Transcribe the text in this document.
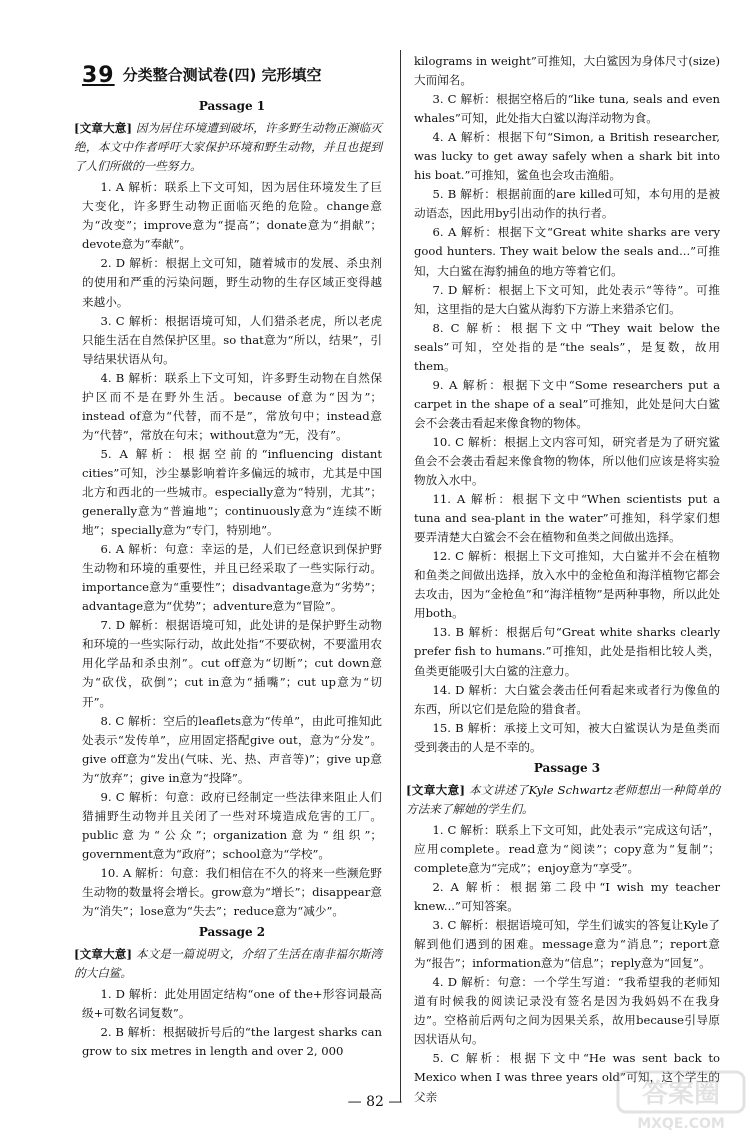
39 分类整合测试卷(四) 完形填空
Passage 1

[文章大意] 因为居住环境遭到破坏，许多野生动物正濒临灭绝，本文中作者呼吁大家保护环境和野生动物，并且也提到了人们所做的一些努力。

1. A 解析：联系上下文可知，因为居住环境发生了巨大变化，许多野生动物正面临灭绝的危险。change意为“改变”；improve意为“提高”；donate意为“捐献”；devote意为“奉献”。

2. D 解析：根据上文可知，随着城市的发展、杀虫剂的使用和严重的污染问题，野生动物的生存区域正变得越来越小。

3. C 解析：根据语境可知，人们猎杀老虎，所以老虎只能生活在自然保护区里。so that意为“所以，结果”，引导结果状语从句。

4. B 解析：联系上下文可知，许多野生动物在自然保护区而不是在野外生活。because of意为“因为”；instead of意为“代替，而不是”，常放句中；instead意为“代替”，常放在句末；without意为“无，没有”。

5. A 解析：根据空前的“influencing distant cities”可知，沙尘暴影响着许多偏远的城市，尤其是中国北方和西北的一些城市。especially意为“特别，尤其”；generally意为“普遍地”；continuously意为“连续不断地”；specially意为“专门，特别地”。

6. A 解析：句意：幸运的是，人们已经意识到保护野生动物和环境的重要性，并且已经采取了一些实际行动。importance意为“重要性”；disadvantage意为“劣势”；advantage意为“优势”；adventure意为“冒险”。

7. D 解析：根据语境可知，此处讲的是保护野生动物和环境的一些实际行动，故此处指“不要砍树，不要滥用农用化学品和杀虫剂”。cut off意为“切断”；cut down意为“砍伐，砍倒”；cut in意为“插嘴”；cut up意为“切开”。

8. C 解析：空后的leaflets意为“传单”，由此可推知此处表示“发传单”，应用固定搭配give out，意为“分发”。give off意为“发出(气味、光、热、声音等)”；give up意为“放弃”；give in意为“投降”。

9. C 解析：句意：政府已经制定一些法律来阻止人们猎捕野生动物并且关闭了一些对环境造成危害的工厂。public意为“公众”；organization意为“组织”；government意为“政府”；school意为“学校”。

10. A 解析：句意：我们相信在不久的将来一些濒危野生动物的数量将会增长。grow意为“增长”；disappear意为“消失”；lose意为“失去”；reduce意为“减少”。

Passage 2

[文章大意] 本文是一篇说明文，介绍了生活在南非福尔斯湾的大白鲨。

1. D 解析：此处用固定结构“one of the+形容词最高级+可数名词复数”。

2. B 解析：根据破折号后的“the largest sharks can grow to six metres in length and over 2, 000

kilograms in weight”可推知，大白鲨因为身体尺寸(size)大而闻名。

3. C 解析：根据空格后的“like tuna, seals and even whales”可知，此处指大白鲨以海洋动物为食。

4. A 解析：根据下句“Simon, a British researcher, was lucky to get away safely when a shark bit into his boat.”可推知，鲨鱼也会攻击渔船。

5. B 解析：根据前面的are killed可知，本句用的是被动语态，因此用by引出动作的执行者。

6. A 解析：根据下文“Great white sharks are very good hunters. They wait below the seals and...”可推知，大白鲨在海豹捕鱼的地方等着它们。

7. D 解析：根据上下文可知，此处表示“等待”。可推知，这里指的是大白鲨从海豹下方游上来猎杀它们。

8. C 解析：根据下文中“They wait below the seals”可知，空处指的是“the seals”，是复数，故用them。

9. A 解析：根据下文中“Some researchers put a carpet in the shape of a seal”可推知，此处是问大白鲨会不会袭击看起来像食物的物体。

10. C 解析：根据上文内容可知，研究者是为了研究鲨鱼会不会袭击看起来像食物的物体，所以他们应该是将实验物放入水中。

11. A 解析：根据下文中“When scientists put a tuna and sea-plant in the water”可推知，科学家们想要弄清楚大白鲨会不会在植物和鱼类之间做出选择。

12. C 解析：根据上下文可推知，大白鲨并不会在植物和鱼类之间做出选择，放入水中的金枪鱼和海洋植物它都会去攻击，因为“金枪鱼”和“海洋植物”是两种事物，所以此处用both。

13. B 解析：根据后句“Great white sharks clearly prefer fish to humans.”可推知，此处是指相比较人类，鱼类更能吸引大白鲨的注意力。

14. D 解析：大白鲨会袭击任何看起来或者行为像鱼的东西，所以它们是危险的猎食者。

15. B 解析：承接上文可知，被大白鲨误认为是鱼类而受到袭击的人是不幸的。

Passage 3

[文章大意] 本文讲述了Kyle Schwartz老师想出一种简单的方法来了解她的学生们。

1. C 解析：联系上下文可知，此处表示“完成这句话”，应用complete。read意为“阅读”；copy意为“复制”；complete意为“完成”；enjoy意为“享受”。

2. A 解析：根据第二段中“I wish my teacher knew...”可知答案。

3. C 解析：根据语境可知，学生们诚实的答复让Kyle了解到他们遇到的困难。message意为“消息”；report意为“报告”；information意为“信息”；reply意为“回复”。

4. D 解析：句意：一个学生写道：“我希望我的老师知道有时候我的阅读记录没有签名是因为我妈妈不在我身边”。空格前后两句之间为因果关系，故用because引导原因状语从句。

5. C 解析：根据下文中“He was sent back to Mexico when I was three years old”可知，这个学生的父亲

— 82 —	答案圈
MXQE.COM
